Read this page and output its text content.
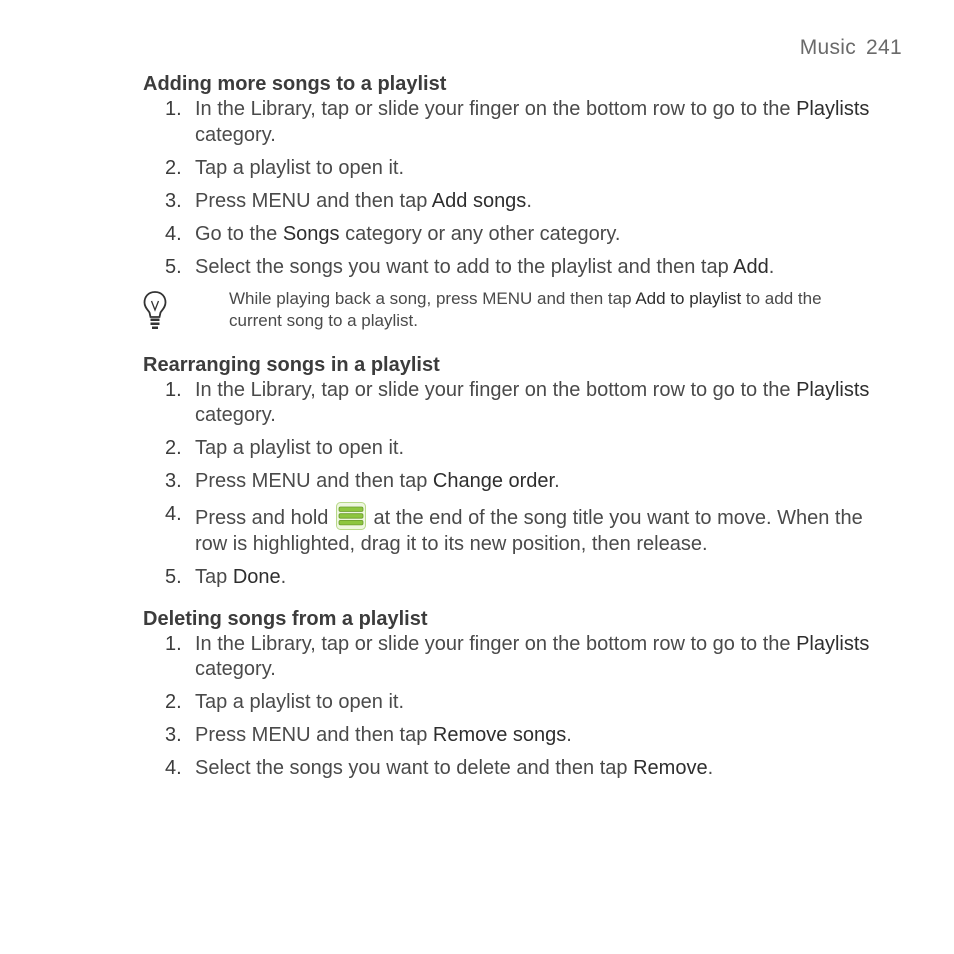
Music 241
Adding more songs to a playlist
1. In the Library, tap or slide your finger on the bottom row to go to the Playlists category.
2. Tap a playlist to open it.
3. Press MENU and then tap Add songs.
4. Go to the Songs category or any other category.
5. Select the songs you want to add to the playlist and then tap Add.
While playing back a song, press MENU and then tap Add to playlist to add the current song to a playlist.
Rearranging songs in a playlist
1. In the Library, tap or slide your finger on the bottom row to go to the Playlists category.
2. Tap a playlist to open it.
3. Press MENU and then tap Change order.
4. Press and hold  at the end of the song title you want to move. When the row is highlighted, drag it to its new position, then release.
5. Tap Done.
Deleting songs from a playlist
1. In the Library, tap or slide your finger on the bottom row to go to the Playlists category.
2. Tap a playlist to open it.
3. Press MENU and then tap Remove songs.
4. Select the songs you want to delete and then tap Remove.
